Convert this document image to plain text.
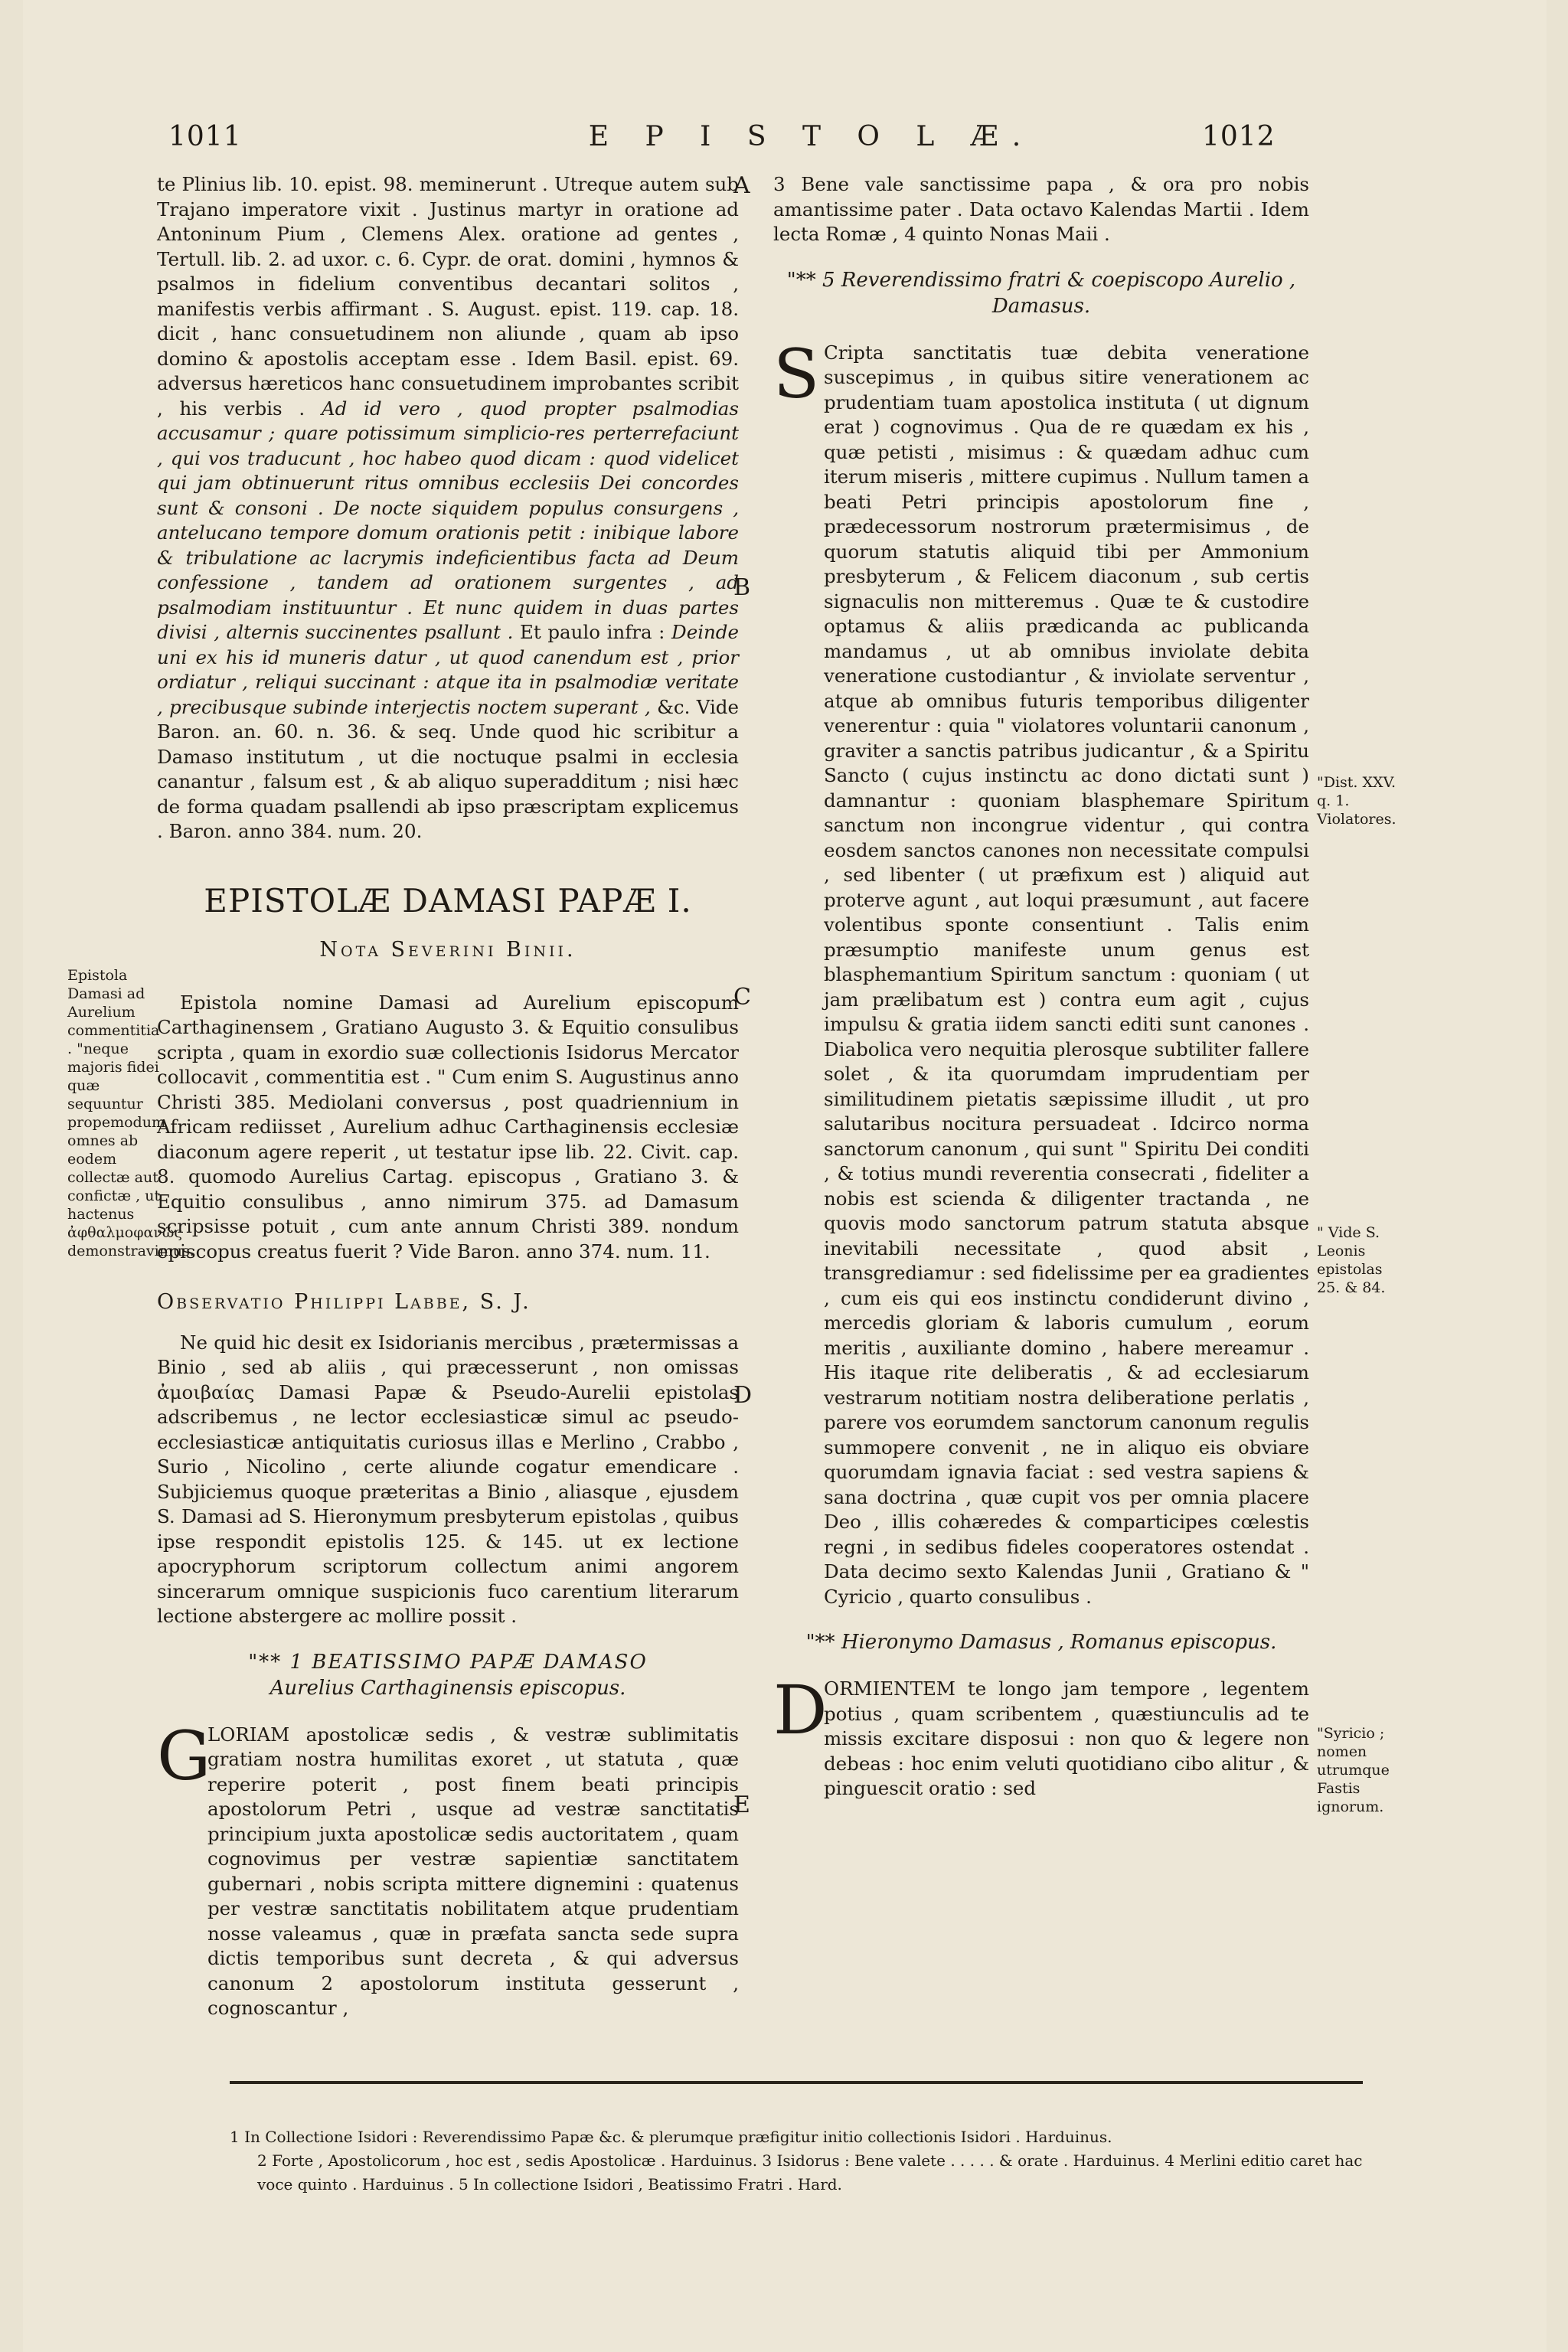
1011	E P I S T O L Æ.	1012

te Plinius lib. 10. epist. 98. meminerunt . Utreque autem sub Trajano imperatore vixit . Justinus martyr in oratione ad Antoninum Pium , Clemens Alex. oratione ad gentes , Tertull. lib. 2. ad uxor. c. 6. Cypr. de orat. domini , hymnos & psalmos in fidelium conventibus decantari solitos , manifestis verbis affirmant . S. August. epist. 119. cap. 18. dicit , hanc consuetudinem non aliunde , quam ab ipso domino & apostolis acceptam esse . Idem Basil. epist. 69. adversus hæreticos hanc consuetudinem improbantes scribit , his verbis . Ad id vero , quod propter psalmodias accusamur ; quare potissimum simplicio-res perterrefaciunt , qui vos traducunt , hoc habeo quod dicam : quod videlicet qui jam obtinuerunt ritus omnibus ecclesiis Dei concordes sunt & consoni . De nocte siquidem populus consurgens , antelucano tempore domum orationis petit : inibique labore & tribulatione ac lacrymis indeficientibus facta ad Deum confessione , tandem ad orationem surgentes , ad psalmodiam instituuntur . Et nunc quidem in duas partes divisi , alternis succinentes psallunt . Et paulo infra : Deinde uni ex his id muneris datur , ut quod canendum est , prior ordiatur , reliqui succinant : atque ita in psalmodiæ veritate , precibusque subinde interjectis noctem superant , &c. Vide Baron. an. 60. n. 36. & seq. Unde quod hic scribitur a Damaso institutum , ut die noctuque psalmi in ecclesia canantur , falsum est , & ab aliquo superadditum ; nisi hæc de forma quadam psallendi ab ipso præscriptam explicemus . Baron. anno 384. num. 20.

EPISTOLÆ DAMASI PAPÆ I.

Nota Severini Binii.

Epistola nomine Damasi ad Aurelium episcopum Carthaginensem , Gratiano Augusto 3. & Equitio consulibus scripta , quam in exordio suæ collectionis Isidorus Mercator collocavit , commentitia est . " Cum enim S. Augustinus anno Christi 385. Mediolani conversus , post quadriennium in Africam rediisset , Aurelium adhuc Carthaginensis ecclesiæ diaconum agere reperit , ut testatur ipse lib. 22. Civit. cap. 8. quomodo Aurelius Cartag. episcopus , Gratiano 3. & Equitio consulibus , anno nimirum 375. ad Damasum scripsisse potuit , cum ante annum Christi 389. nondum episcopus creatus fuerit ? Vide Baron. anno 374. num. 11.

Observatio Philippi Labbe, S. J.

Ne quid hic desit ex Isidorianis mercibus , prætermissas a Binio , sed ab aliis , qui præcesserunt , non omissas ἀμοιβαίας Damasi Papæ & Pseudo-Aurelii epistolas adscribemus , ne lector ecclesiasticæ simul ac pseudo-ecclesiasticæ antiquitatis curiosus illas e Merlino , Crabbo , Surio , Nicolino , certe aliunde cogatur emendicare . Subjiciemus quoque præteritas a Binio , aliasque , ejusdem S. Damasi ad S. Hieronymum presbyterum epistolas , quibus ipse respondit epistolis 125. & 145. ut ex lectione apocryphorum scriptorum collectum animi angorem sincerarum omnique suspicionis fuco carentium literarum lectione abstergere ac mollire possit .

"** 1 BEATISSIMO PAPÆ DAMASO
Aurelius Carthaginensis episcopus.

G
LORIAM apostolicæ sedis , & vestræ sublimitatis gratiam nostra humilitas exoret , ut statuta , quæ reperire poterit , post finem beati principis apostolorum Petri , usque ad vestræ sanctitatis principium juxta apostolicæ sedis auctoritatem , quam cognovimus per vestræ sapientiæ sanctitatem gubernari , nobis scripta mittere dignemini : quatenus per vestræ sanctitatis nobilitatem atque prudentiam nosse valeamus , quæ in præfata sancta sede supra dictis temporibus sunt decreta , & qui adversus canonum 2 apostolorum instituta gesserunt , cognoscantur ,

3 Bene vale sanctissime papa , & ora pro nobis amantissime pater . Data octavo Kalendas Martii . Idem lecta Romæ , 4 quinto Nonas Maii .

"** 5 Reverendissimo fratri & coepiscopo Aurelio , Damasus.

S Cripta sanctitatis tuæ debita veneratione suscepimus , in quibus sitire venerationem ac prudentiam tuam apostolica instituta ( ut dignum erat ) cognovimus . Qua de re quædam ex his , quæ petisti , misimus : & quædam adhuc cum iterum miseris , mittere cupimus . Nullum tamen a beati Petri principis apostolorum fine , prædecessorum nostrorum prætermisimus , de quorum statutis aliquid tibi per Ammonium presbyterum , & Felicem diaconum , sub certis signaculis non mitteremus . Quæ te & custodire optamus & aliis prædicanda ac publicanda mandamus , ut ab omnibus inviolate debita veneratione custodiantur , & inviolate serventur , atque ab omnibus futuris temporibus diligenter venerentur : quia " violatores voluntarii canonum , graviter a sanctis patribus judicantur , & a Spiritu Sancto ( cujus instinctu ac dono dictati sunt ) damnantur : quoniam blasphemare Spiritum sanctum non incongrue videntur , qui contra eosdem sanctos canones non necessitate compulsi , sed libenter ( ut præfixum est ) aliquid aut proterve agunt , aut loqui præsumunt , aut facere volentibus sponte consentiunt . Talis enim præsumptio manifeste unum genus est blasphemantium Spiritum sanctum : quoniam ( ut jam prælibatum est ) contra eum agit , cujus impulsu & gratia iidem sancti editi sunt canones . Diabolica vero nequitia plerosque subtiliter fallere solet , & ita quorumdam imprudentiam per similitudinem pietatis sæpissime illudit , ut pro salutaribus nocitura persuadeat . Idcirco norma sanctorum canonum , qui sunt " Spiritu Dei conditi , & totius mundi reverentia consecrati , fideliter a nobis est scienda & diligenter tractanda , ne quovis modo sanctorum patrum statuta absque inevitabili necessitate , quod absit , transgrediamur : sed fidelissime per ea gradientes , cum eis qui eos instinctu condiderunt divino , mercedis gloriam & laboris cumulum , eorum meritis , auxiliante domino , habere mereamur . His itaque rite deliberatis , & ad ecclesiarum vestrarum notitiam nostra deliberatione perlatis , parere vos eorumdem sanctorum canonum regulis summopere convenit , ne in aliquo eis obviare quorumdam ignavia faciat : sed vestra sapiens & sana doctrina , quæ cupit vos per omnia placere Deo , illis cohæredes & comparticipes cœlestis regni , in sedibus fideles cooperatores ostendat . Data decimo sexto Kalendas Junii , Gratiano & " Cyricio , quarto consulibus .

"** Hieronymo Damasus , Romanus episcopus.

D
ORMIENTEM te longo jam tempore , legentem potius , quam scribentem , quæstiunculis ad te missis excitare disposui : non quo & legere non debeas : hoc enim veluti quotidiano cibo alitur , & pinguescit oratio : sed

A
B
C
D
E
Epistola Damasi ad Aurelium commentitia . "neque majoris fidei quæ sequuntur propemodum omnes ab eodem collectæ aut confictæ , ut hactenus ἀφθαλμοφανῶς demonstravimus.
"Dist. XXV. q. 1. Violatores.
" Vide S. Leonis epistolas 25. & 84.
"Syricio ; nomen utrumque Fastis ignorum.

1 In Collectione Isidori : Reverendissimo Papæ &c. & plerumque præfigitur initio collectionis Isidori . Harduinus.

2 Forte , Apostolicorum , hoc est , sedis Apostolicæ . Harduinus. 3 Isidorus : Bene valete . . . . . & orate . Harduinus. 4 Merlini editio caret hac voce quinto . Harduinus . 5 In collectione Isidori , Beatissimo Fratri . Hard.
